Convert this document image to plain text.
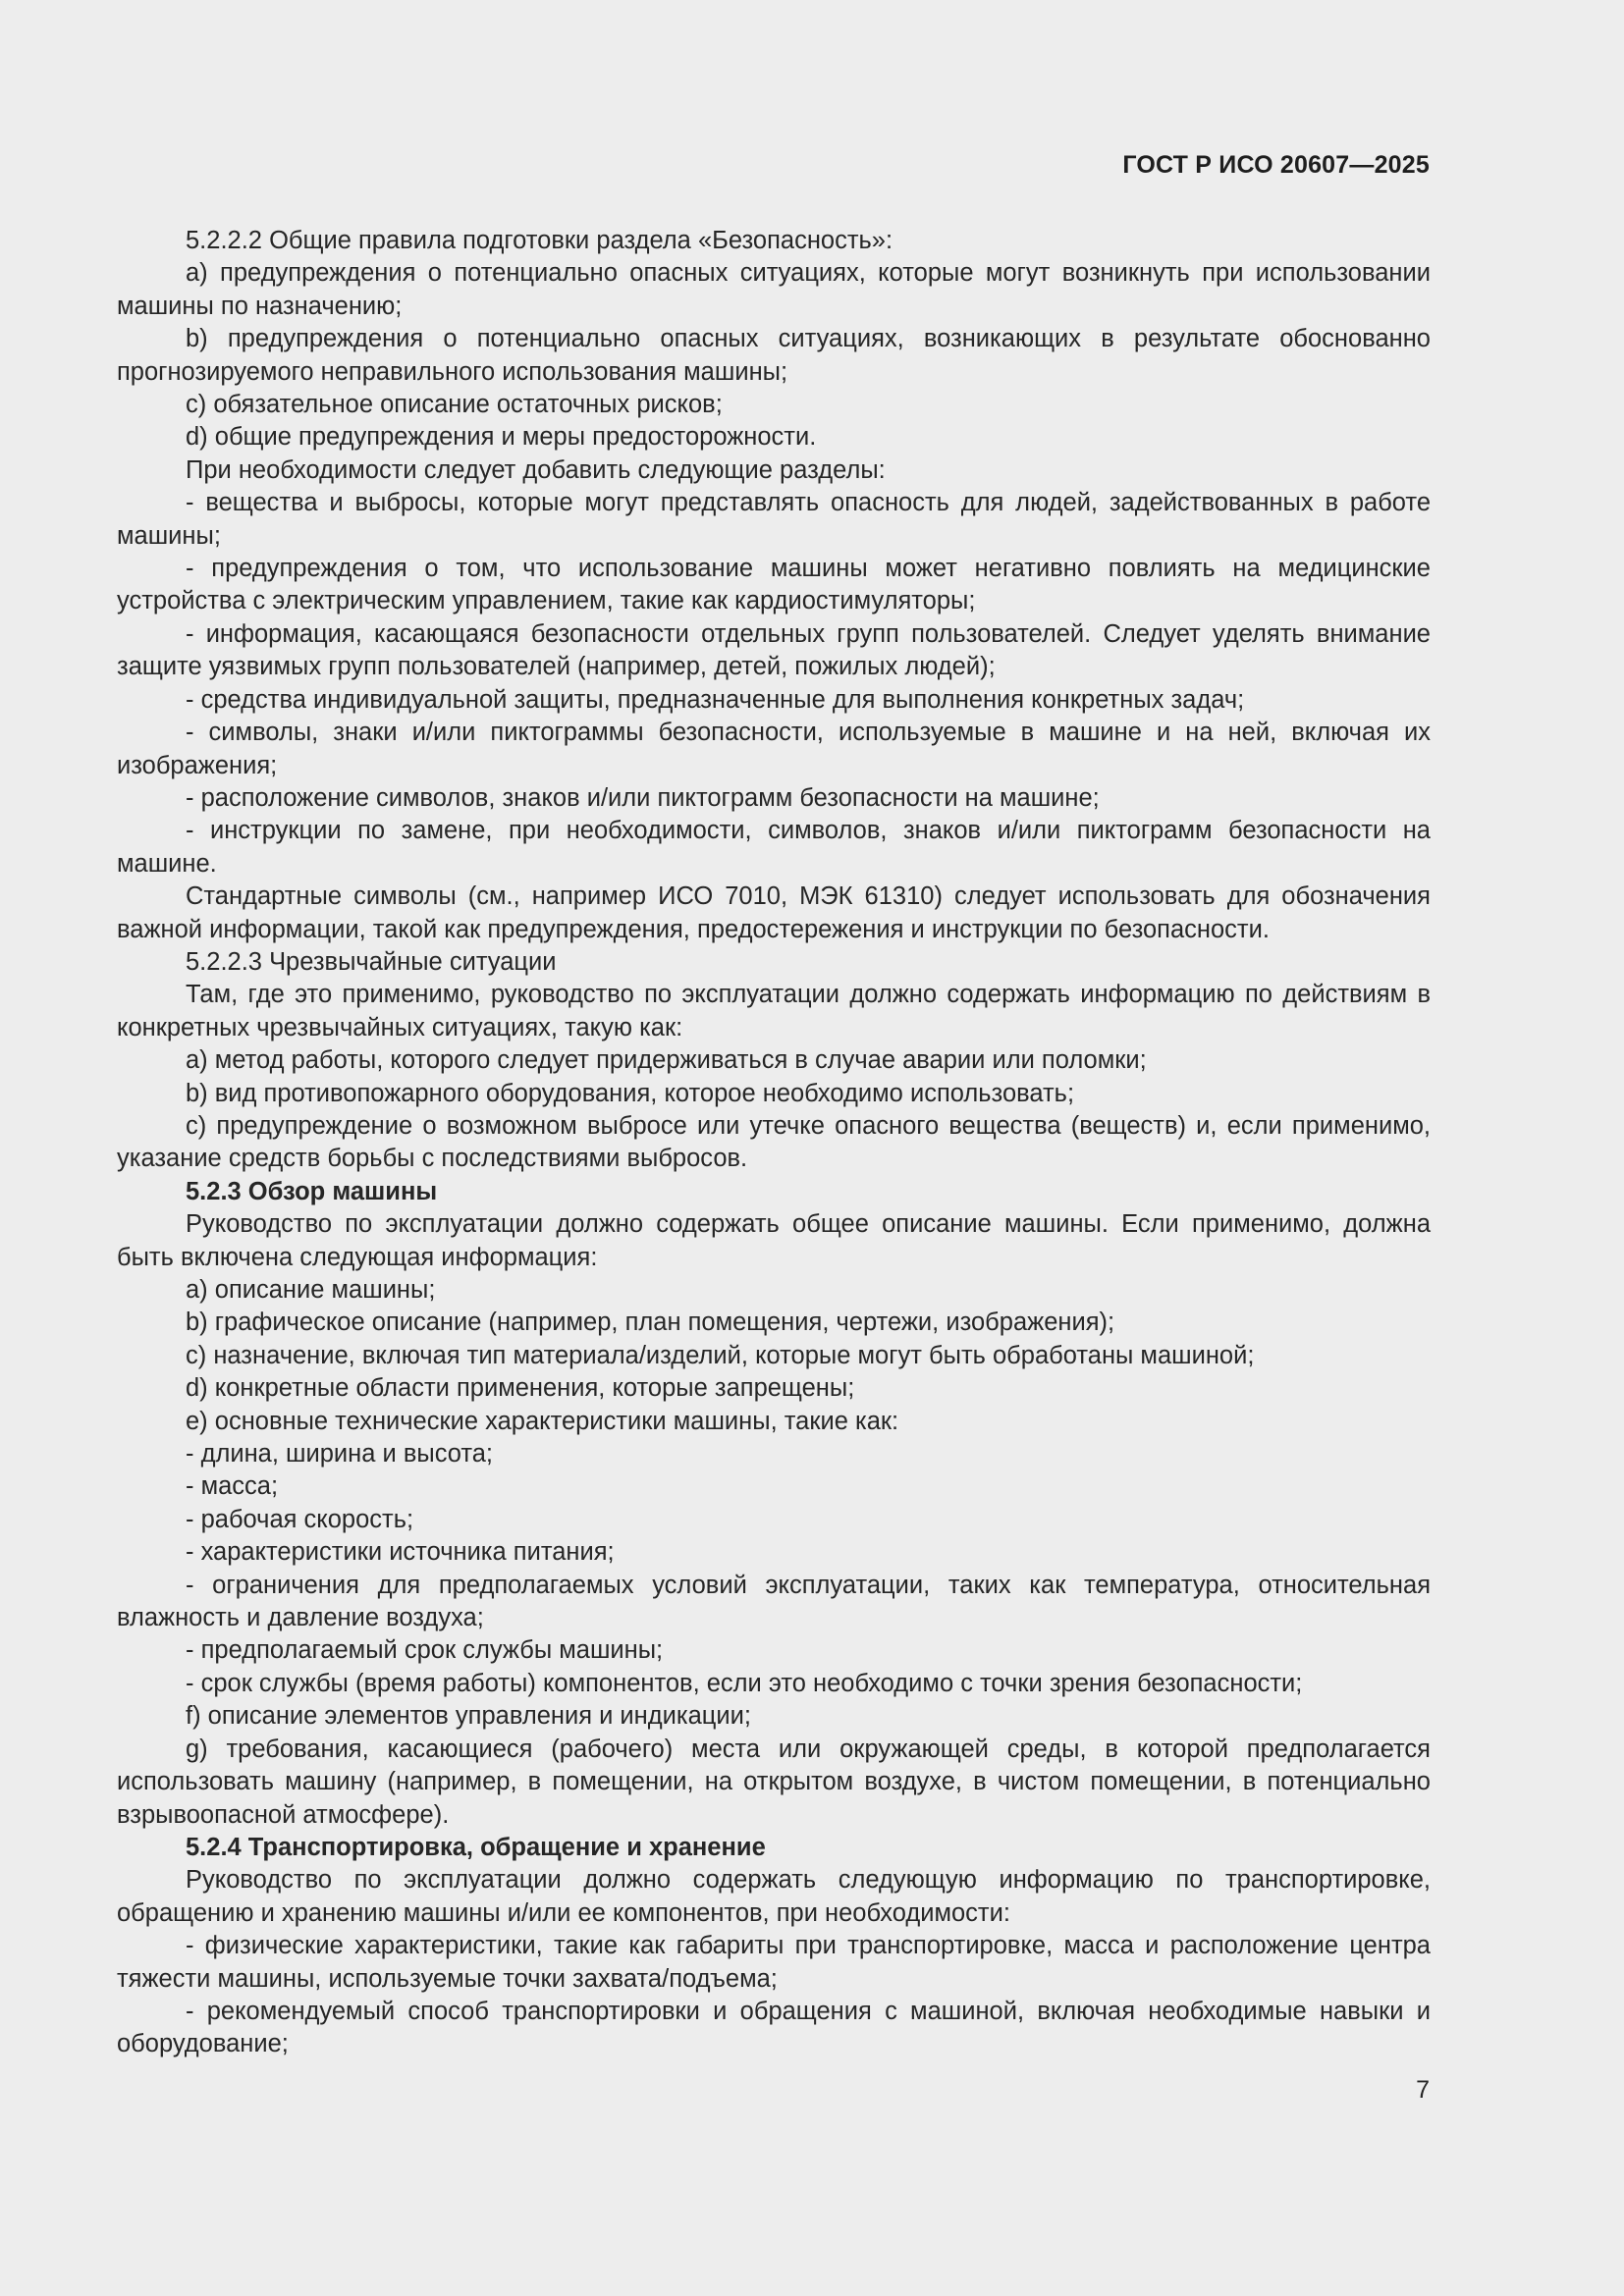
ГОСТ Р ИСО 20607—2025

5.2.2.2 Общие правила подготовки раздела «Безопасность»:

a) предупреждения о потенциально опасных ситуациях, которые могут возникнуть при использовании машины по назначению;

b) предупреждения о потенциально опасных ситуациях, возникающих в результате обоснованно прогнозируемого неправильного использования машины;

c) обязательное описание остаточных рисков;

d) общие предупреждения и меры предосторожности.

При необходимости следует добавить следующие разделы:

- вещества и выбросы, которые могут представлять опасность для людей, задействованных в работе машины;

- предупреждения о том, что использование машины может негативно повлиять на медицинские устройства с электрическим управлением, такие как кардиостимуляторы;

- информация, касающаяся безопасности отдельных групп пользователей. Следует уделять внимание защите уязвимых групп пользователей (например, детей, пожилых людей);

- средства индивидуальной защиты, предназначенные для выполнения конкретных задач;

- символы, знаки и/или пиктограммы безопасности, используемые в машине и на ней, включая их изображения;

- расположение символов, знаков и/или пиктограмм безопасности на машине;

- инструкции по замене, при необходимости, символов, знаков и/или пиктограмм безопасности на машине.

Стандартные символы (см., например ИСО 7010, МЭК 61310) следует использовать для обозначения важной информации, такой как предупреждения, предостережения и инструкции по безопасности.

5.2.2.3 Чрезвычайные ситуации

Там, где это применимо, руководство по эксплуатации должно содержать информацию по действиям в конкретных чрезвычайных ситуациях, такую как:

a) метод работы, которого следует придерживаться в случае аварии или поломки;

b) вид противопожарного оборудования, которое необходимо использовать;

c) предупреждение о возможном выбросе или утечке опасного вещества (веществ) и, если применимо, указание средств борьбы с последствиями выбросов.

5.2.3 Обзор машины

Руководство по эксплуатации должно содержать общее описание машины. Если применимо, должна быть включена следующая информация:

a) описание машины;

b) графическое описание (например, план помещения, чертежи, изображения);

c) назначение, включая тип материала/изделий, которые могут быть обработаны машиной;

d) конкретные области применения, которые запрещены;

e) основные технические характеристики машины, такие как:

- длина, ширина и высота;

- масса;

- рабочая скорость;

- характеристики источника питания;

- ограничения для предполагаемых условий эксплуатации, таких как температура, относительная влажность и давление воздуха;

- предполагаемый срок службы машины;

- срок службы (время работы) компонентов, если это необходимо с точки зрения безопасности;

f) описание элементов управления и индикации;

g) требования, касающиеся (рабочего) места или окружающей среды, в которой предполагается использовать машину (например, в помещении, на открытом воздухе, в чистом помещении, в потенциально взрывоопасной атмосфере).

5.2.4 Транспортировка, обращение и хранение

Руководство по эксплуатации должно содержать следующую информацию по транспортировке, обращению и хранению машины и/или ее компонентов, при необходимости:

- физические характеристики, такие как габариты при транспортировке, масса и расположение центра тяжести машины, используемые точки захвата/подъема;

- рекомендуемый способ транспортировки и обращения с машиной, включая необходимые навыки и оборудование;

7
